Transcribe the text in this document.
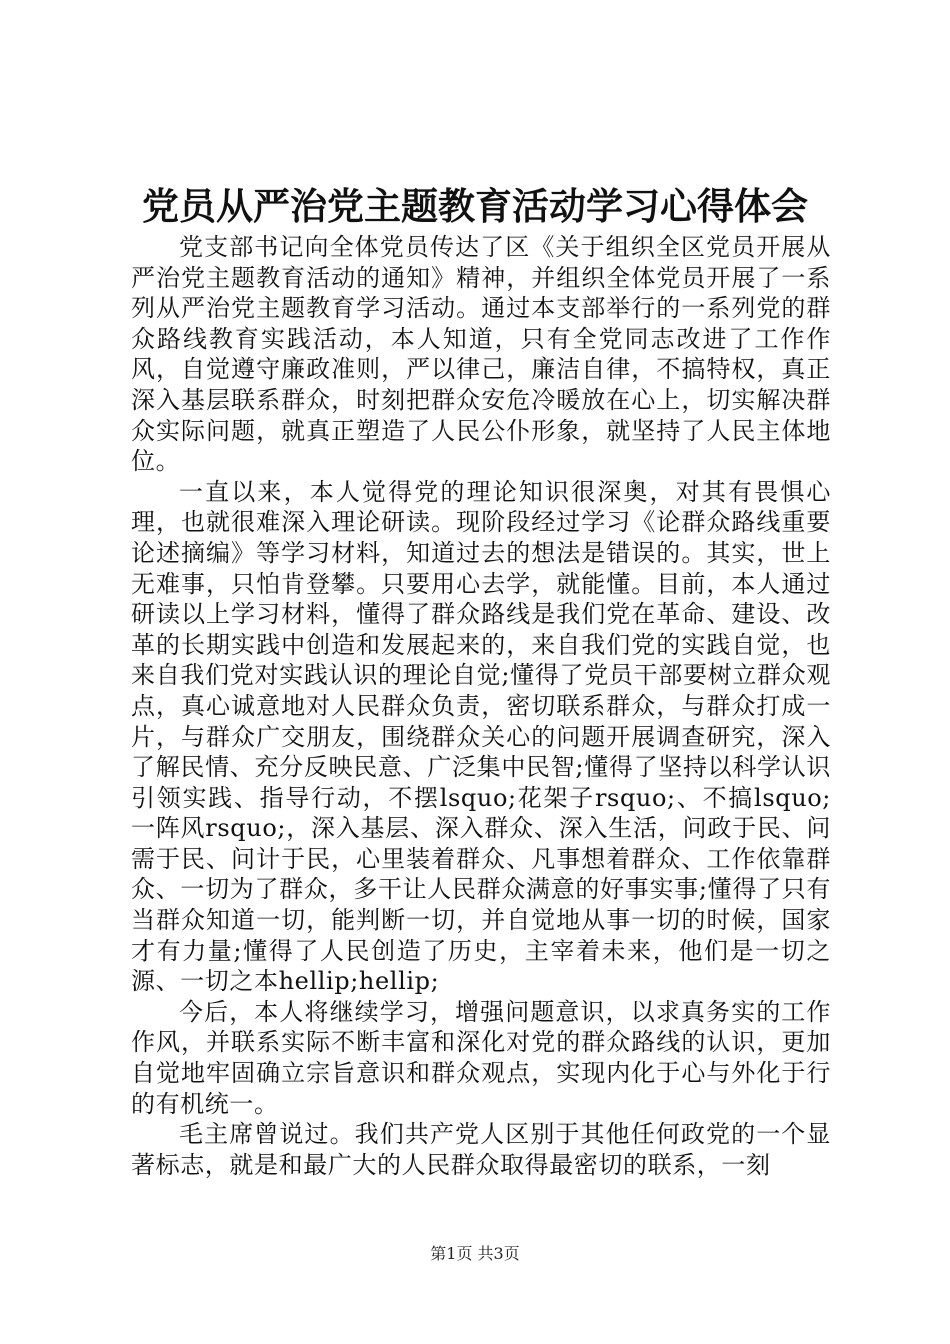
党员从严治党主题教育活动学习心得体会

党支部书记向全体党员传达了区《关于组织全区党员开展从严治党主题教育活动的通知》精神，并组织全体党员开展了一系列从严治党主题教育学习活动。通过本支部举行的一系列党的群众路线教育实践活动，本人知道，只有全党同志改进了工作作风，自觉遵守廉政准则，严以律己，廉洁自律，不搞特权，真正深入基层联系群众，时刻把群众安危冷暖放在心上，切实解决群众实际问题，就真正塑造了人民公仆形象，就坚持了人民主体地位。

一直以来，本人觉得党的理论知识很深奥，对其有畏惧心理，也就很难深入理论研读。现阶段经过学习《论群众路线重要论述摘编》等学习材料，知道过去的想法是错误的。其实，世上无难事，只怕肯登攀。只要用心去学，就能懂。目前，本人通过研读以上学习材料，懂得了群众路线是我们党在革命、建设、改革的长期实践中创造和发展起来的，来自我们党的实践自觉，也来自我们党对实践认识的理论自觉;懂得了党员干部要树立群众观点，真心诚意地对人民群众负责，密切联系群众，与群众打成一片，与群众广交朋友，围绕群众关心的问题开展调查研究，深入了解民情、充分反映民意、广泛集中民智;懂得了坚持以科学认识引领实践、指导行动，不摆lsquo;花架子rsquo;、不搞lsquo;一阵风rsquo;，深入基层、深入群众、深入生活，问政于民、问需于民、问计于民，心里装着群众、凡事想着群众、工作依靠群众、一切为了群众，多干让人民群众满意的好事实事;懂得了只有当群众知道一切，能判断一切，并自觉地从事一切的时候，国家才有力量;懂得了人民创造了历史，主宰着未来，他们是一切之源、一切之本hellip;hellip;

今后，本人将继续学习，增强问题意识，以求真务实的工作作风，并联系实际不断丰富和深化对党的群众路线的认识，更加自觉地牢固确立宗旨意识和群众观点，实现内化于心与外化于行的有机统一。

毛主席曾说过。我们共产党人区别于其他任何政党的一个显著标志，就是和最广大的人民群众取得最密切的联系，一刻

第1页 共3页
